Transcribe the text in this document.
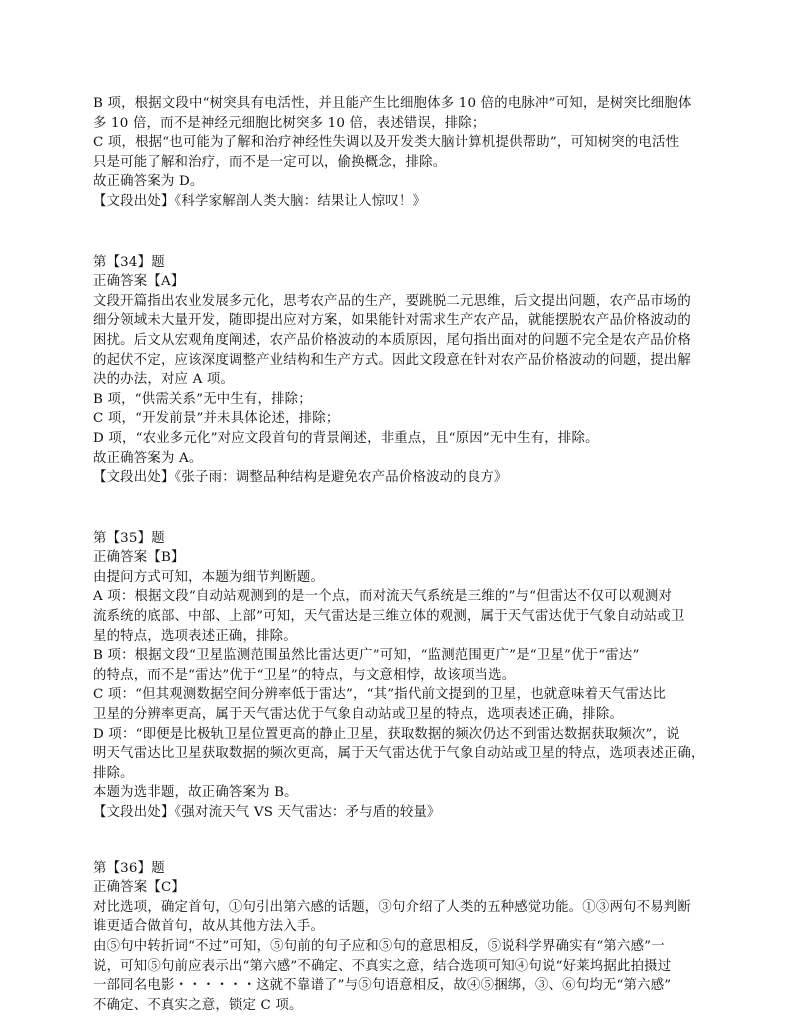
B 项，根据文段中“树突具有电活性，并且能产生比细胞体多 10 倍的电脉冲”可知，是树突比细胞体
多 10 倍，而不是神经元细胞比树突多 10 倍，表述错误，排除；
C 项，根据“也可能为了解和治疗神经性失调以及开发类大脑计算机提供帮助”，可知树突的电活性
只是可能了解和治疗，而不是一定可以，偷换概念，排除。
故正确答案为 D。
【文段出处】《科学家解剖人类大脑：结果让人惊叹！》
第【34】题
正确答案【A】
文段开篇指出农业发展多元化，思考农产品的生产，要跳脱二元思维，后文提出问题，农产品市场的
细分领域未大量开发，随即提出应对方案，如果能针对需求生产农产品，就能摆脱农产品价格波动的
困扰。后文从宏观角度阐述，农产品价格波动的本质原因，尾句指出面对的问题不完全是农产品价格
的起伏不定，应该深度调整产业结构和生产方式。因此文段意在针对农产品价格波动的问题，提出解
决的办法，对应 A 项。
B 项，“供需关系”无中生有，排除；
C 项，“开发前景”并未具体论述，排除；
D 项，“农业多元化”对应文段首句的背景阐述，非重点，且“原因”无中生有，排除。
故正确答案为 A。
【文段出处】《张子雨：调整品种结构是避免农产品价格波动的良方》
第【35】题
正确答案【B】
由提问方式可知，本题为细节判断题。
A 项：根据文段“自动站观测到的是一个点，而对流天气系统是三维的”与“但雷达不仅可以观测对
流系统的底部、中部、上部”可知，天气雷达是三维立体的观测，属于天气雷达优于气象自动站或卫
星的特点，选项表述正确，排除。
B 项：根据文段“卫星监测范围虽然比雷达更广”可知，“监测范围更广”是“卫星”优于“雷达”
的特点，而不是“雷达”优于“卫星”的特点，与文意相悖，故该项当选。
C 项：“但其观测数据空间分辨率低于雷达”，“其”指代前文提到的卫星，也就意味着天气雷达比
卫星的分辨率更高，属于天气雷达优于气象自动站或卫星的特点，选项表述正确，排除。
D 项：“即便是比极轨卫星位置更高的静止卫星，获取数据的频次仍达不到雷达数据获取频次”，说
明天气雷达比卫星获取数据的频次更高，属于天气雷达优于气象自动站或卫星的特点，选项表述正确，
排除。
本题为选非题，故正确答案为 B。
【文段出处】《强对流天气 VS 天气雷达：矛与盾的较量》
第【36】题
正确答案【C】
对比选项，确定首句，①句引出第六感的话题，③句介绍了人类的五种感觉功能。①③两句不易判断
谁更适合做首句，故从其他方法入手。
由⑤句中转折词“不过”可知，⑤句前的句子应和⑤句的意思相反，⑤说科学界确实有“第六感”一
说，可知⑤句前应表示出“第六感”不确定、不真实之意，结合选项可知④句说“好莱坞据此拍摄过
一部同名电影・・・・・・这就不靠谱了”与⑤句语意相反，故④⑤捆绑，③、⑥句均无“第六感”
不确定、不真实之意，锁定 C 项。
